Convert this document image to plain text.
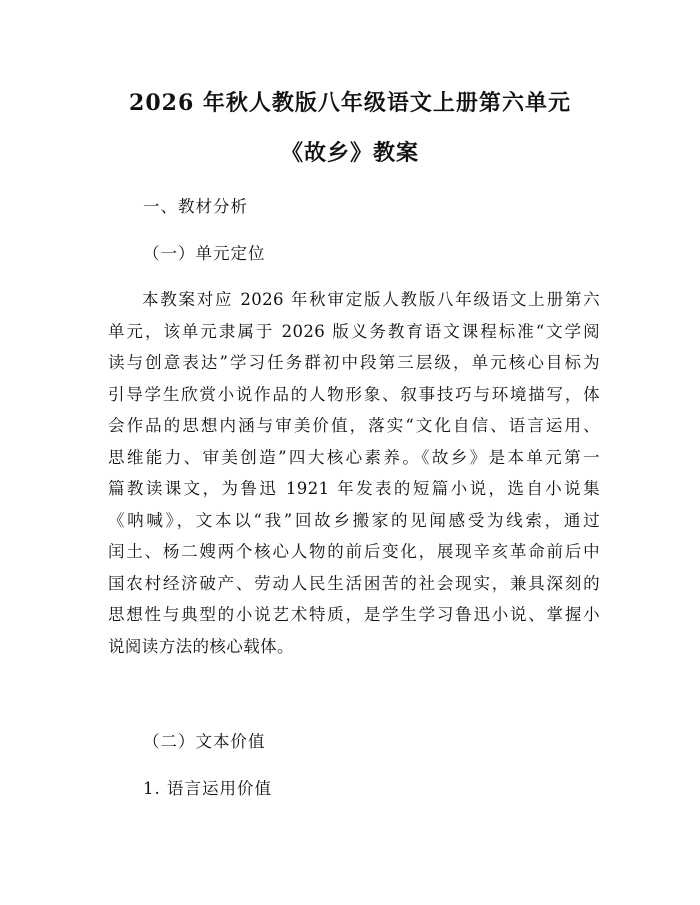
2026 年秋人教版八年级语文上册第六单元
《故乡》教案
一、教材分析
（一）单元定位
本教案对应 2026 年秋审定版人教版八年级语文上册第六
单元，该单元隶属于 2026 版义务教育语文课程标准“文学阅
读与创意表达”学习任务群初中段第三层级，单元核心目标为
引导学生欣赏小说作品的人物形象、叙事技巧与环境描写，体
会作品的思想内涵与审美价值，落实“文化自信、语言运用、
思维能力、审美创造”四大核心素养。《故乡》是本单元第一
篇教读课文，为鲁迅 1921 年发表的短篇小说，选自小说集
《呐喊》，文本以“我”回故乡搬家的见闻感受为线索，通过
闰土、杨二嫂两个核心人物的前后变化，展现辛亥革命前后中
国农村经济破产、劳动人民生活困苦的社会现实，兼具深刻的
思想性与典型的小说艺术特质，是学生学习鲁迅小说、掌握小
说阅读方法的核心载体。
（二）文本价值
1. 语言运用价值
